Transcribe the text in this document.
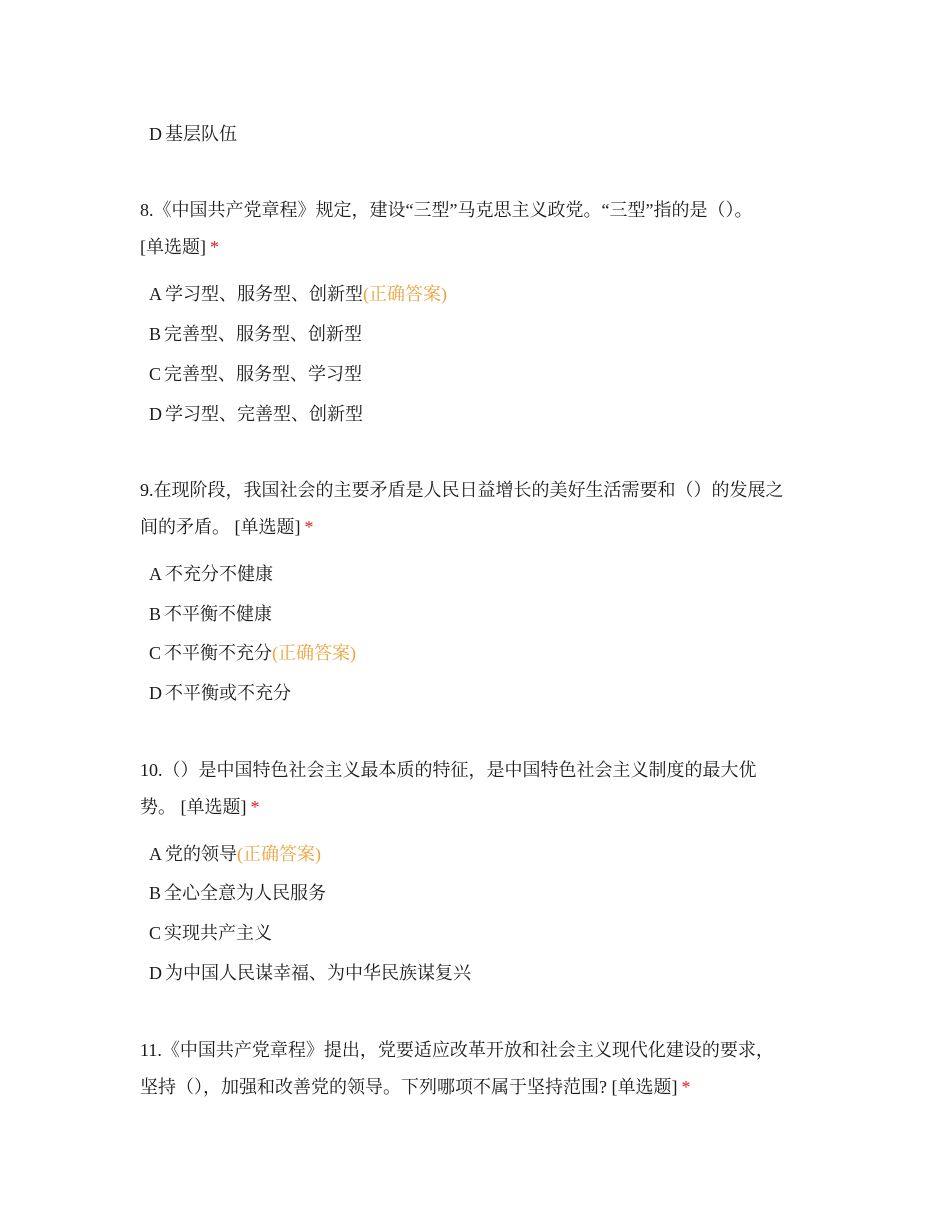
D 基层队伍
8.《中国共产党章程》规定，建设“三型”马克思主义政党。“三型”指的是（）。
[单选题] *
A 学习型、服务型、创新型(正确答案)
B 完善型、服务型、创新型
C 完善型、服务型、学习型
D 学习型、完善型、创新型
9.在现阶段，我国社会的主要矛盾是人民日益增长的美好生活需要和（）的发展之
间的矛盾。 [单选题] *
A 不充分不健康
B 不平衡不健康
C 不平衡不充分(正确答案)
D 不平衡或不充分
10.（）是中国特色社会主义最本质的特征，是中国特色社会主义制度的最大优
势。 [单选题] *
A 党的领导(正确答案)
B 全心全意为人民服务
C 实现共产主义
D 为中国人民谋幸福、为中华民族谋复兴
11.《中国共产党章程》提出，党要适应改革开放和社会主义现代化建设的要求，
坚持（），加强和改善党的领导。下列哪项不属于坚持范围? [单选题] *
